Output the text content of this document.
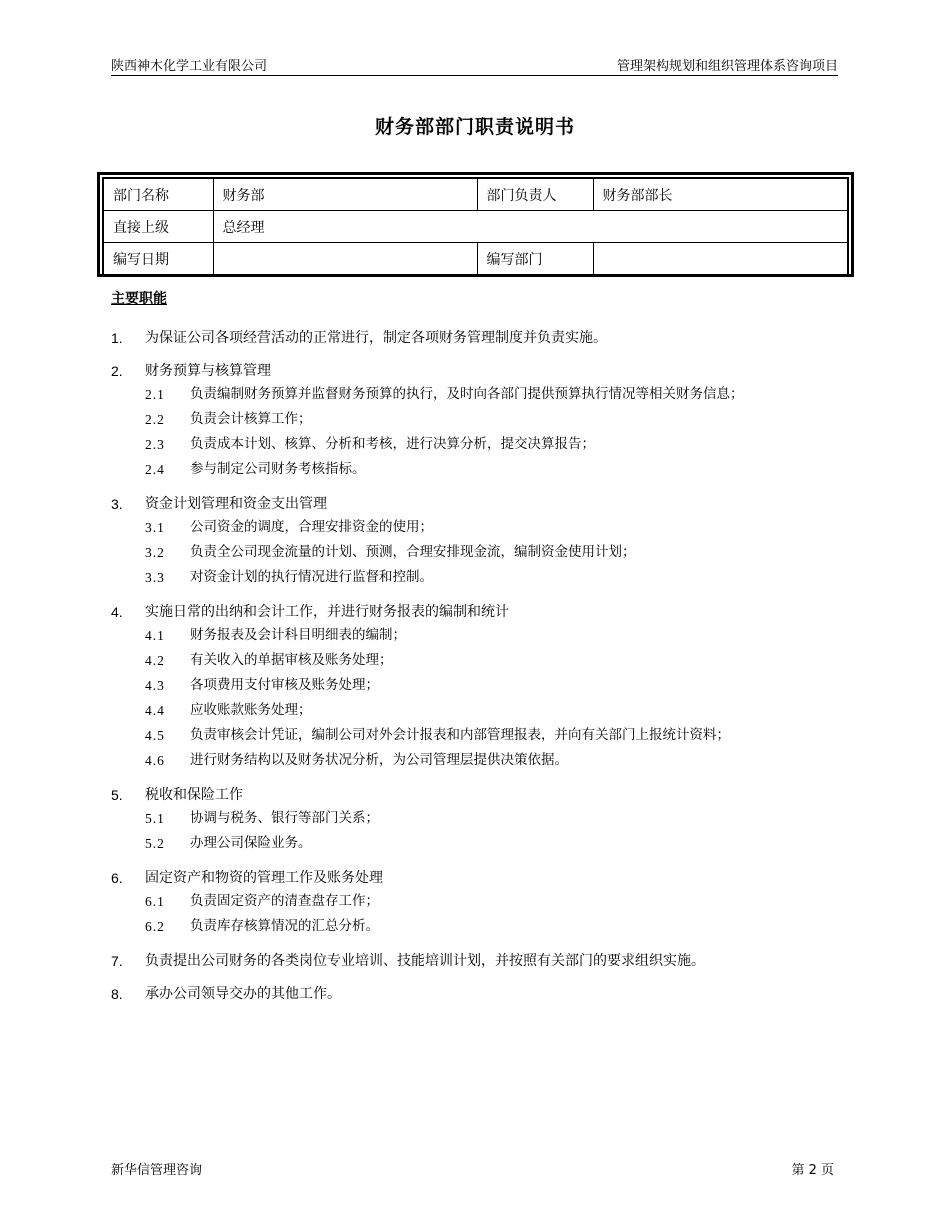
陕西神木化学工业有限公司	管理架构规划和组织管理体系咨询项目
财务部部门职责说明书
部门名称	财务部	部门负责人	财务部部长
直接上级	总经理		
编写日期		编写部门	
主要职能
1.	为保证公司各项经营活动的正常进行，制定各项财务管理制度并负责实施。
2.	财务预算与核算管理
2.1	负责编制财务预算并监督财务预算的执行，及时向各部门提供预算执行情况等相关财务信息；
2.2	负责会计核算工作；
2.3	负责成本计划、核算、分析和考核，进行决算分析，提交决算报告；
2.4	参与制定公司财务考核指标。
3.	资金计划管理和资金支出管理
3.1	公司资金的调度，合理安排资金的使用；
3.2	负责全公司现金流量的计划、预测，合理安排现金流，编制资金使用计划；
3.3	对资金计划的执行情况进行监督和控制。
4.	实施日常的出纳和会计工作，并进行财务报表的编制和统计
4.1	财务报表及会计科目明细表的编制；
4.2	有关收入的单据审核及账务处理；
4.3	各项费用支付审核及账务处理；
4.4	应收账款账务处理；
4.5	负责审核会计凭证，编制公司对外会计报表和内部管理报表，并向有关部门上报统计资料；
4.6	进行财务结构以及财务状况分析，为公司管理层提供决策依据。
5.	税收和保险工作
5.1	协调与税务、银行等部门关系；
5.2	办理公司保险业务。
6.	固定资产和物资的管理工作及账务处理
6.1	负责固定资产的清查盘存工作；
6.2	负责库存核算情况的汇总分析。
7.	负责提出公司财务的各类岗位专业培训、技能培训计划，并按照有关部门的要求组织实施。
8.	承办公司领导交办的其他工作。
新华信管理咨询	第 2 页
